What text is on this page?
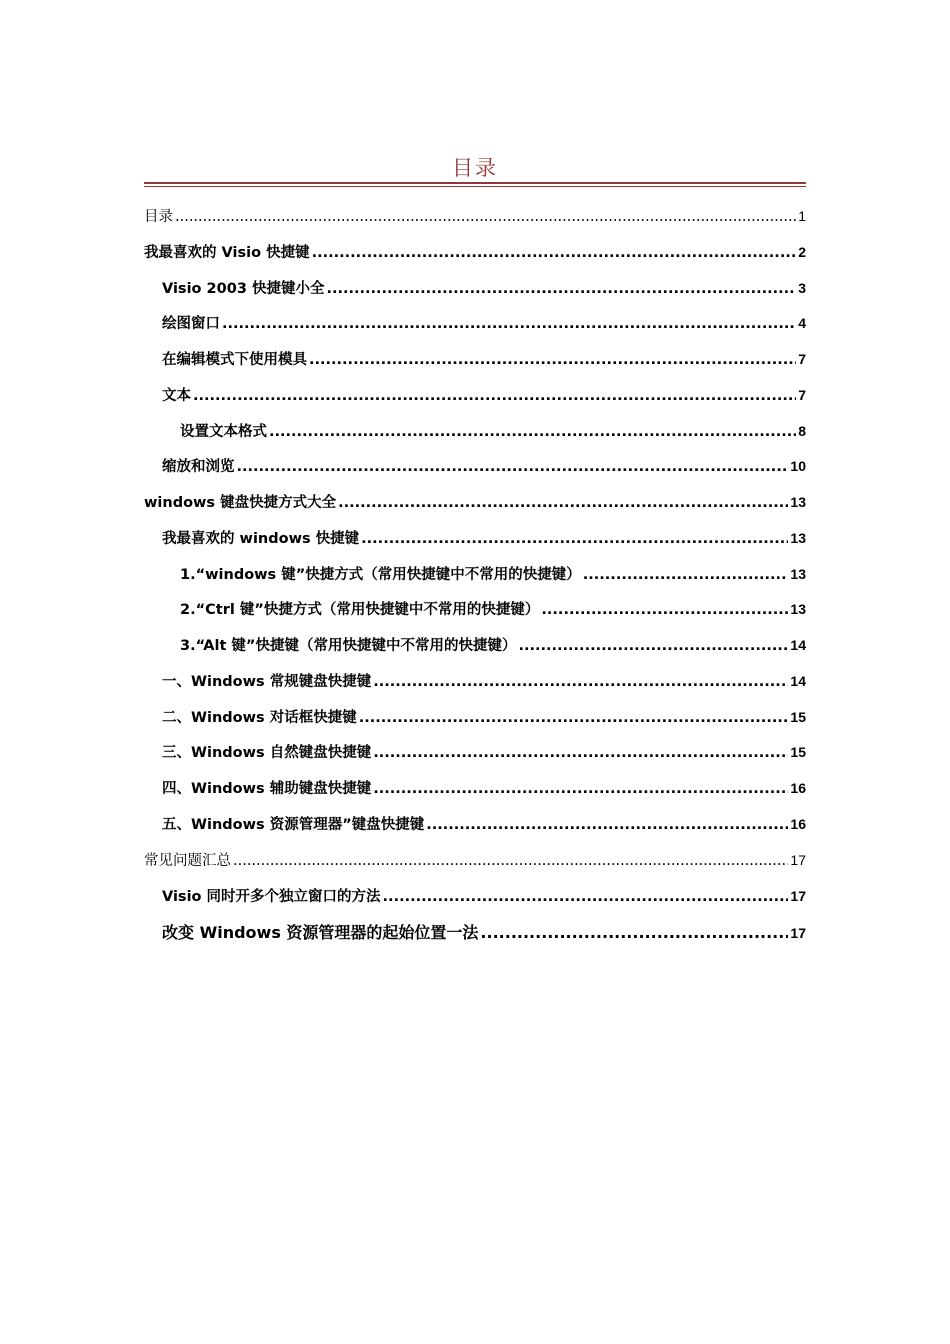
目录
目录 .....	1
我最喜欢的 Visio 快捷键 .....	2
Visio 2003 快捷键小全 .....	3
绘图窗口 .....	4
在编辑模式下使用模具 .....	7
文本 .....	7
设置文本格式 .....	8
缩放和浏览 .....	10
windows 键盘快捷方式大全 .....	13
我最喜欢的 windows 快捷键 .....	13
1.“windows 键”快捷方式（常用快捷键中不常用的快捷键） .....	13
2.“Ctrl 键”快捷方式（常用快捷键中不常用的快捷键） .....	13
3.“Alt 键”快捷键（常用快捷键中不常用的快捷键） .....	14
一、Windows 常规键盘快捷键 .....	14
二、Windows 对话框快捷键 .....	15
三、Windows 自然键盘快捷键 .....	15
四、Windows 辅助键盘快捷键 .....	16
五、Windows 资源管理器”键盘快捷键 .....	16
常见问题汇总 .....	17
Visio 同时开多个独立窗口的方法 .....	17
改变 Windows 资源管理器的起始位置一法 .....	17
